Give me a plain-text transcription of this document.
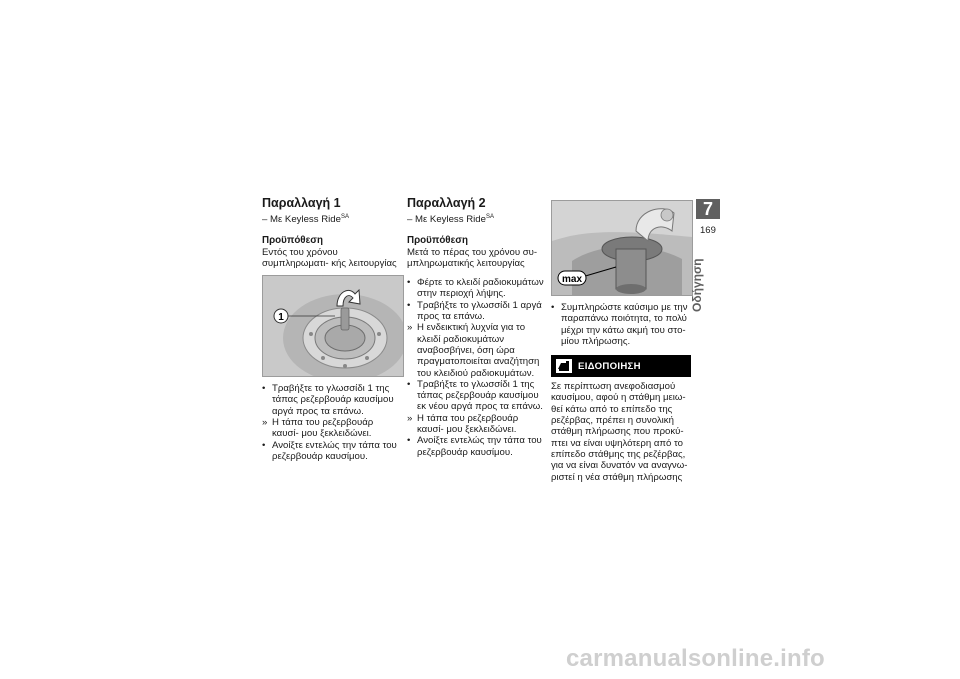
Παραλλαγή 1

– Με Keyless Ride$^{SA}$

Προϋπόθεση

Εντός του χρόνου συμπληρωματι- κής λειτουργίας

1
• Τραβήξτε το γλωσσίδι 1 της τάπας ρεζερβουάρ καυσίμου αργά προς τα επάνω.
» Η τάπα του ρεζερβουάρ καυσί- μου ξεκλειδώνει.
• Ανοίξτε εντελώς την τάπα του ρεζερβουάρ καυσίμου.
Παραλλαγή 2

– Με Keyless Ride$^{SA}$

Προϋπόθεση

Μετά το πέρας του χρόνου συ- μπληρωματικής λειτουργίας

• Φέρτε το κλειδί ραδιοκυμάτων στην περιοχή λήψης.
• Τραβήξτε το γλωσσίδι 1 αργά προς τα επάνω.
» Η ενδεικτική λυχνία για το κλειδί ραδιοκυμάτων αναβοσβήνει, όση ώρα πραγματοποιείται αναζήτηση του κλειδιού ραδιοκυμάτων.
• Τραβήξτε το γλωσσίδι 1 της τάπας ρεζερβουάρ καυσίμου εκ νέου αργά προς τα επάνω.
» Η τάπα του ρεζερβουάρ καυσί- μου ξεκλειδώνει.
• Ανοίξτε εντελώς την τάπα του ρεζερβουάρ καυσίμου.
max
• Συμπληρώστε καύσιμο με την παραπάνω ποιότητα, το πολύ μέχρι την κάτω ακμή του στο- μίου πλήρωσης.
ΕΙΔΟΠΟΙΗΣΗ

Σε περίπτωση ανεφοδιασμού καυσίμου, αφού η στάθμη μειω- θεί κάτω από το επίπεδο της ρεζέρβας, πρέπει η συνολική στάθμη πλήρωσης που προκύ- πτει να είναι υψηλότερη από το επίπεδο στάθμης της ρεζέρβας, για να είναι δυνατόν να αναγνω- ριστεί η νέα στάθμη πλήρωσης

7
169
Οδήγηση
carmanualsonline.info
